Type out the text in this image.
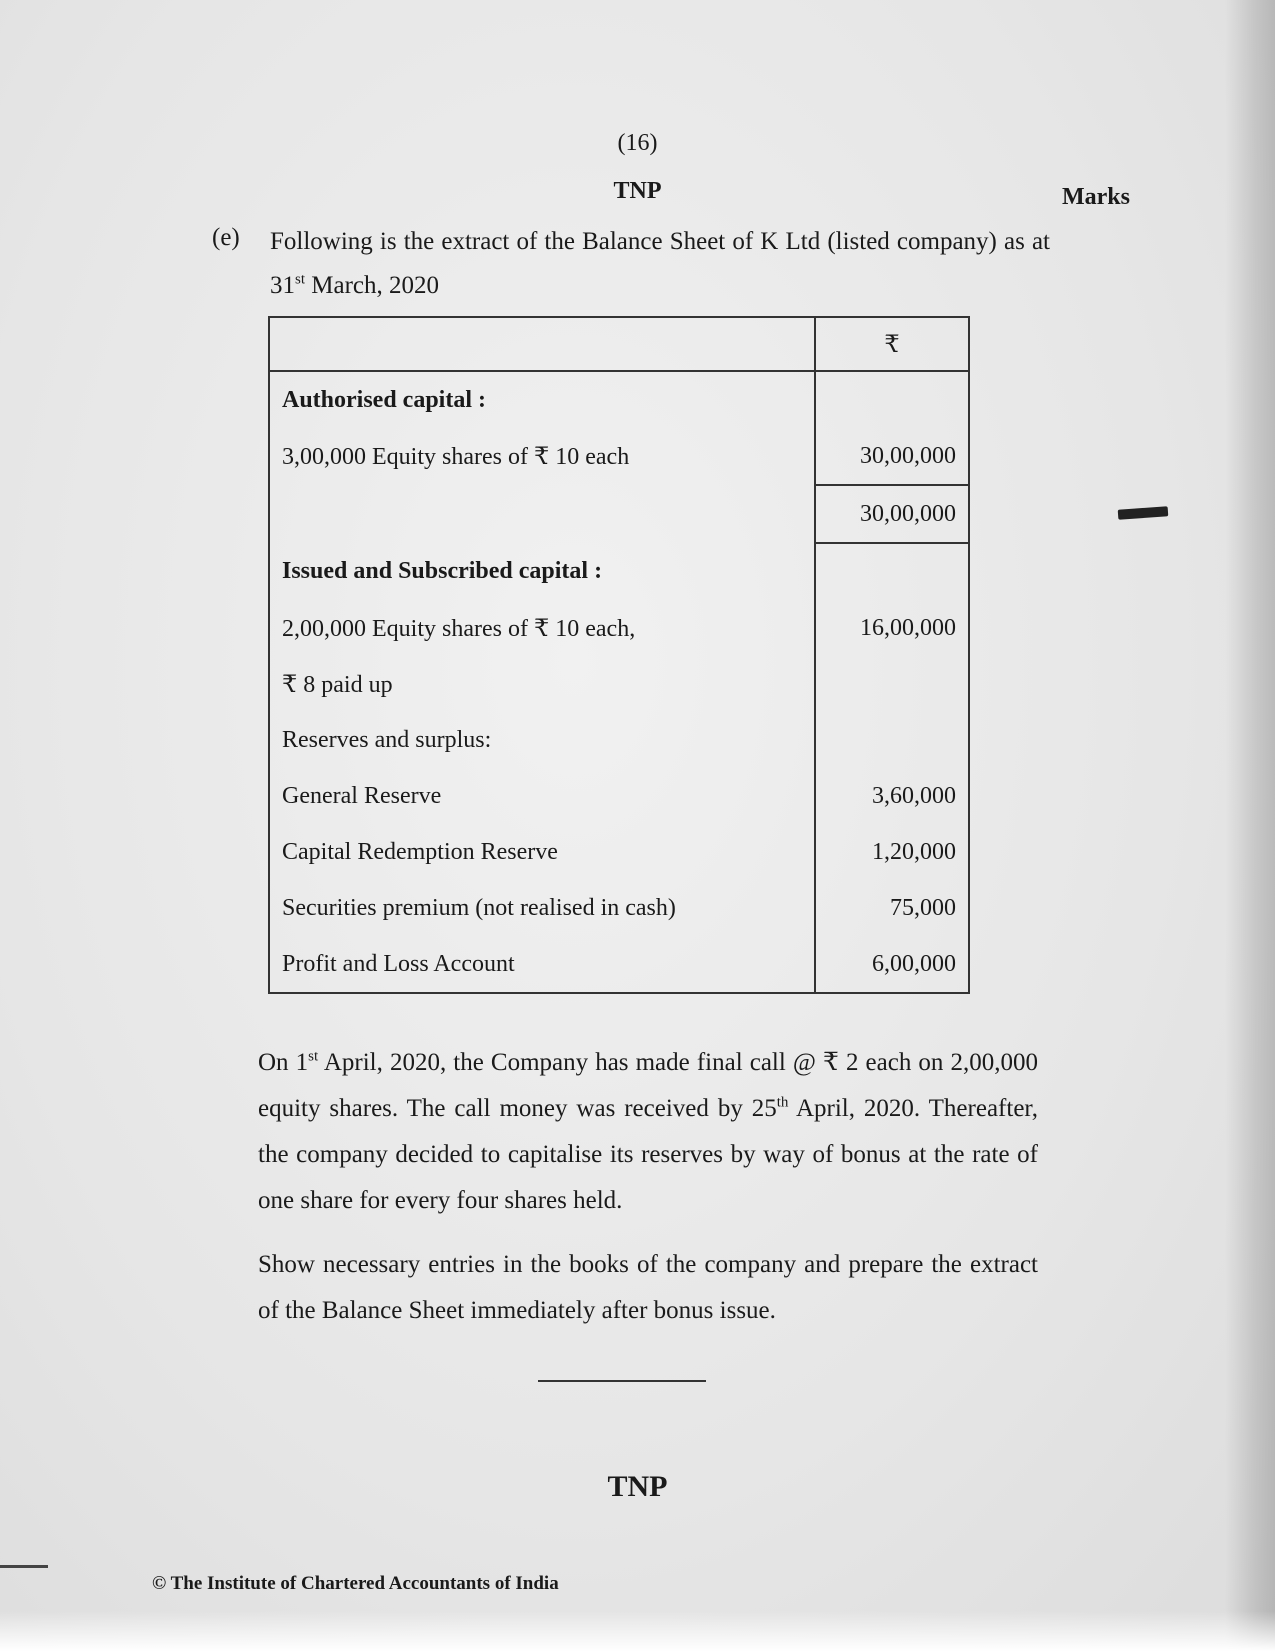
(16)
TNP	Marks
(e) Following is the extract of the Balance Sheet of K Ltd (listed company) as at 31st March, 2020
	₹
Authorised capital :	
3,00,000 Equity shares of ₹ 10 each	30,00,000
	30,00,000
Issued and Subscribed capital :	
2,00,000 Equity shares of ₹ 10 each,	16,00,000
₹ 8 paid up	
Reserves and surplus:	
General Reserve	3,60,000
Capital Redemption Reserve	1,20,000
Securities premium (not realised in cash)	75,000
Profit and Loss Account	6,00,000
On 1st April, 2020, the Company has made final call @ ₹ 2 each on 2,00,000 equity shares. The call money was received by 25th April, 2020. Thereafter, the company decided to capitalise its reserves by way of bonus at the rate of one share for every four shares held.
Show necessary entries in the books of the company and prepare the extract of the Balance Sheet immediately after bonus issue.
TNP
© The Institute of Chartered Accountants of India
